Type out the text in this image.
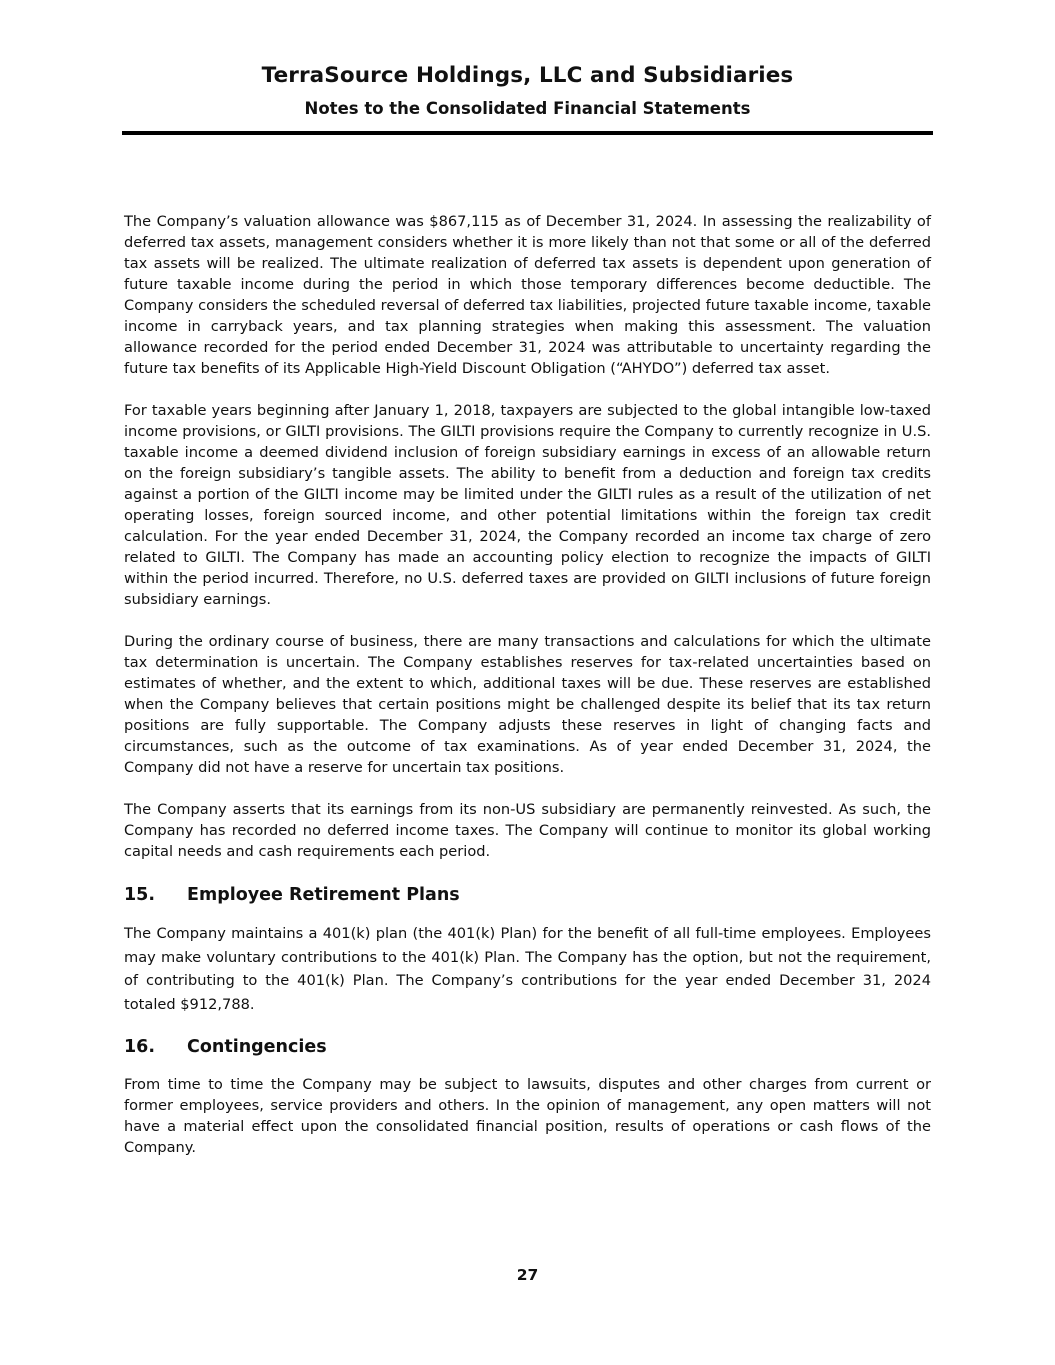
TerraSource Holdings, LLC and Subsidiaries
Notes to the Consolidated Financial Statements

The Company’s valuation allowance was $867,115 as of December 31, 2024. In assessing the realizability of deferred tax assets, management considers whether it is more likely than not that some or all of the deferred tax assets will be realized. The ultimate realization of deferred tax assets is dependent upon generation of future taxable income during the period in which those temporary differences become deductible. The Company considers the scheduled reversal of deferred tax liabilities, projected future taxable income, taxable income in carryback years, and tax planning strategies when making this assessment. The valuation allowance recorded for the period ended December 31, 2024 was attributable to uncertainty regarding the future tax benefits of its Applicable High-Yield Discount Obligation (“AHYDO”) deferred tax asset.

For taxable years beginning after January 1, 2018, taxpayers are subjected to the global intangible low-taxed income provisions, or GILTI provisions. The GILTI provisions require the Company to currently recognize in U.S. taxable income a deemed dividend inclusion of foreign subsidiary earnings in excess of an allowable return on the foreign subsidiary’s tangible assets. The ability to benefit from a deduction and foreign tax credits against a portion of the GILTI income may be limited under the GILTI rules as a result of the utilization of net operating losses, foreign sourced income, and other potential limitations within the foreign tax credit calculation. For the year ended December 31, 2024, the Company recorded an income tax charge of zero related to GILTI. The Company has made an accounting policy election to recognize the impacts of GILTI within the period incurred. Therefore, no U.S. deferred taxes are provided on GILTI inclusions of future foreign subsidiary earnings.

During the ordinary course of business, there are many transactions and calculations for which the ultimate tax determination is uncertain. The Company establishes reserves for tax-related uncertainties based on estimates of whether, and the extent to which, additional taxes will be due. These reserves are established when the Company believes that certain positions might be challenged despite its belief that its tax return positions are fully supportable. The Company adjusts these reserves in light of changing facts and circumstances, such as the outcome of tax examinations. As of year ended December 31, 2024, the Company did not have a reserve for uncertain tax positions.

The Company asserts that its earnings from its non-US subsidiary are permanently reinvested. As such, the Company has recorded no deferred income taxes. The Company will continue to monitor its global working capital needs and cash requirements each period.

15.	Employee Retirement Plans

The Company maintains a 401(k) plan (the 401(k) Plan) for the benefit of all full-time employees. Employees may make voluntary contributions to the 401(k) Plan. The Company has the option, but not the requirement, of contributing to the 401(k) Plan. The Company’s contributions for the year ended December 31, 2024 totaled $912,788.

16.	Contingencies

From time to time the Company may be subject to lawsuits, disputes and other charges from current or former employees, service providers and others. In the opinion of management, any open matters will not have a material effect upon the consolidated financial position, results of operations or cash flows of the Company.

27
